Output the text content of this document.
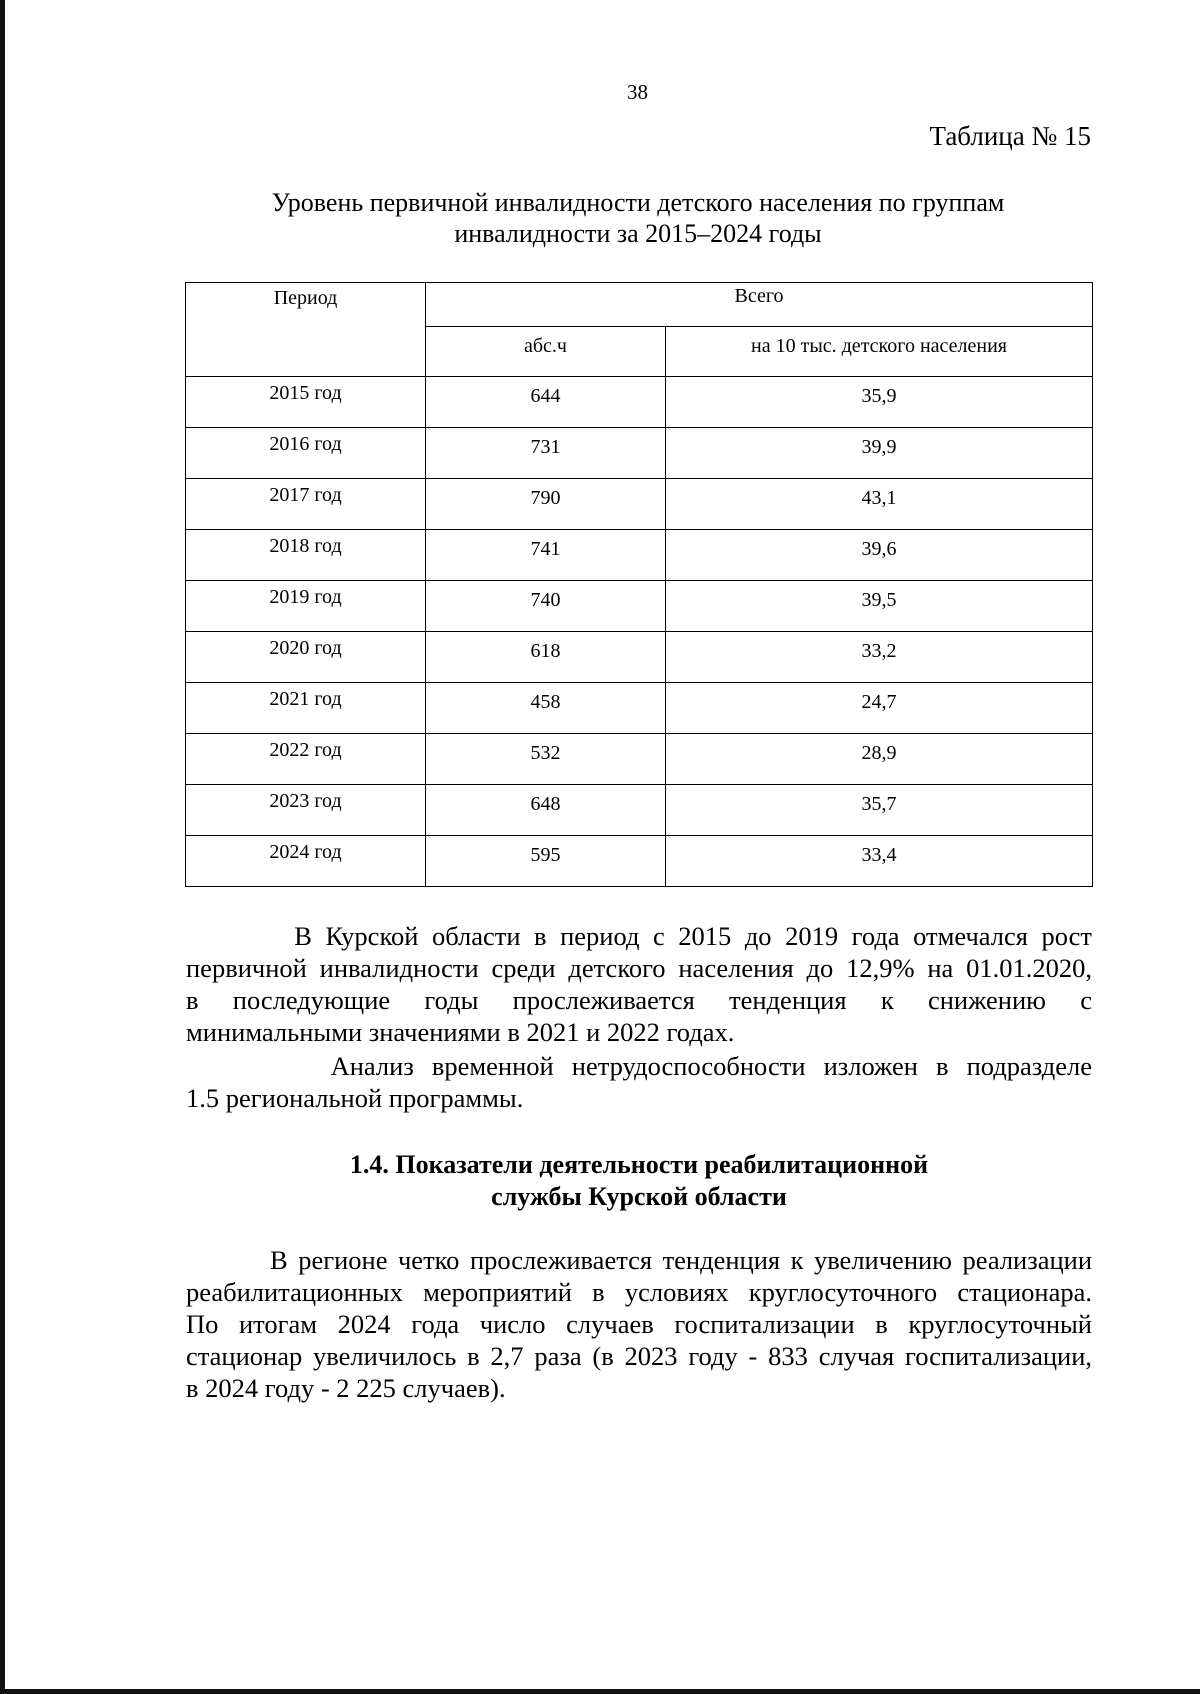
38
Таблица № 15
Уровень первичной инвалидности детского населения по группам
инвалидности за 2015–2024 годы
Период	Всего	
	абс.ч	на 10 тыс. детского населения
2015 год	644	35,9
2016 год	731	39,9
2017 год	790	43,1
2018 год	741	39,6
2019 год	740	39,5
2020 год	618	33,2
2021 год	458	24,7
2022 год	532	28,9
2023 год	648	35,7
2024 год	595	33,4
В Курской области в период с 2015 до 2019 года отмечался рост
первичной инвалидности среди детского населения до 12,9% на 01.01.2020,
в последующие годы прослеживается тенденция к снижению с
минимальными значениями в 2021 и 2022 годах.
Анализ временной нетрудоспособности изложен в подразделе
1.5 региональной программы.
1.4. Показатели деятельности реабилитационной
службы Курской области
В регионе четко прослеживается тенденция к увеличению реализации
реабилитационных мероприятий в условиях круглосуточного стационара.
По итогам 2024 года число случаев госпитализации в круглосуточный
стационар увеличилось в 2,7 раза (в 2023 году - 833 случая госпитализации,
в 2024 году - 2 225 случаев).
